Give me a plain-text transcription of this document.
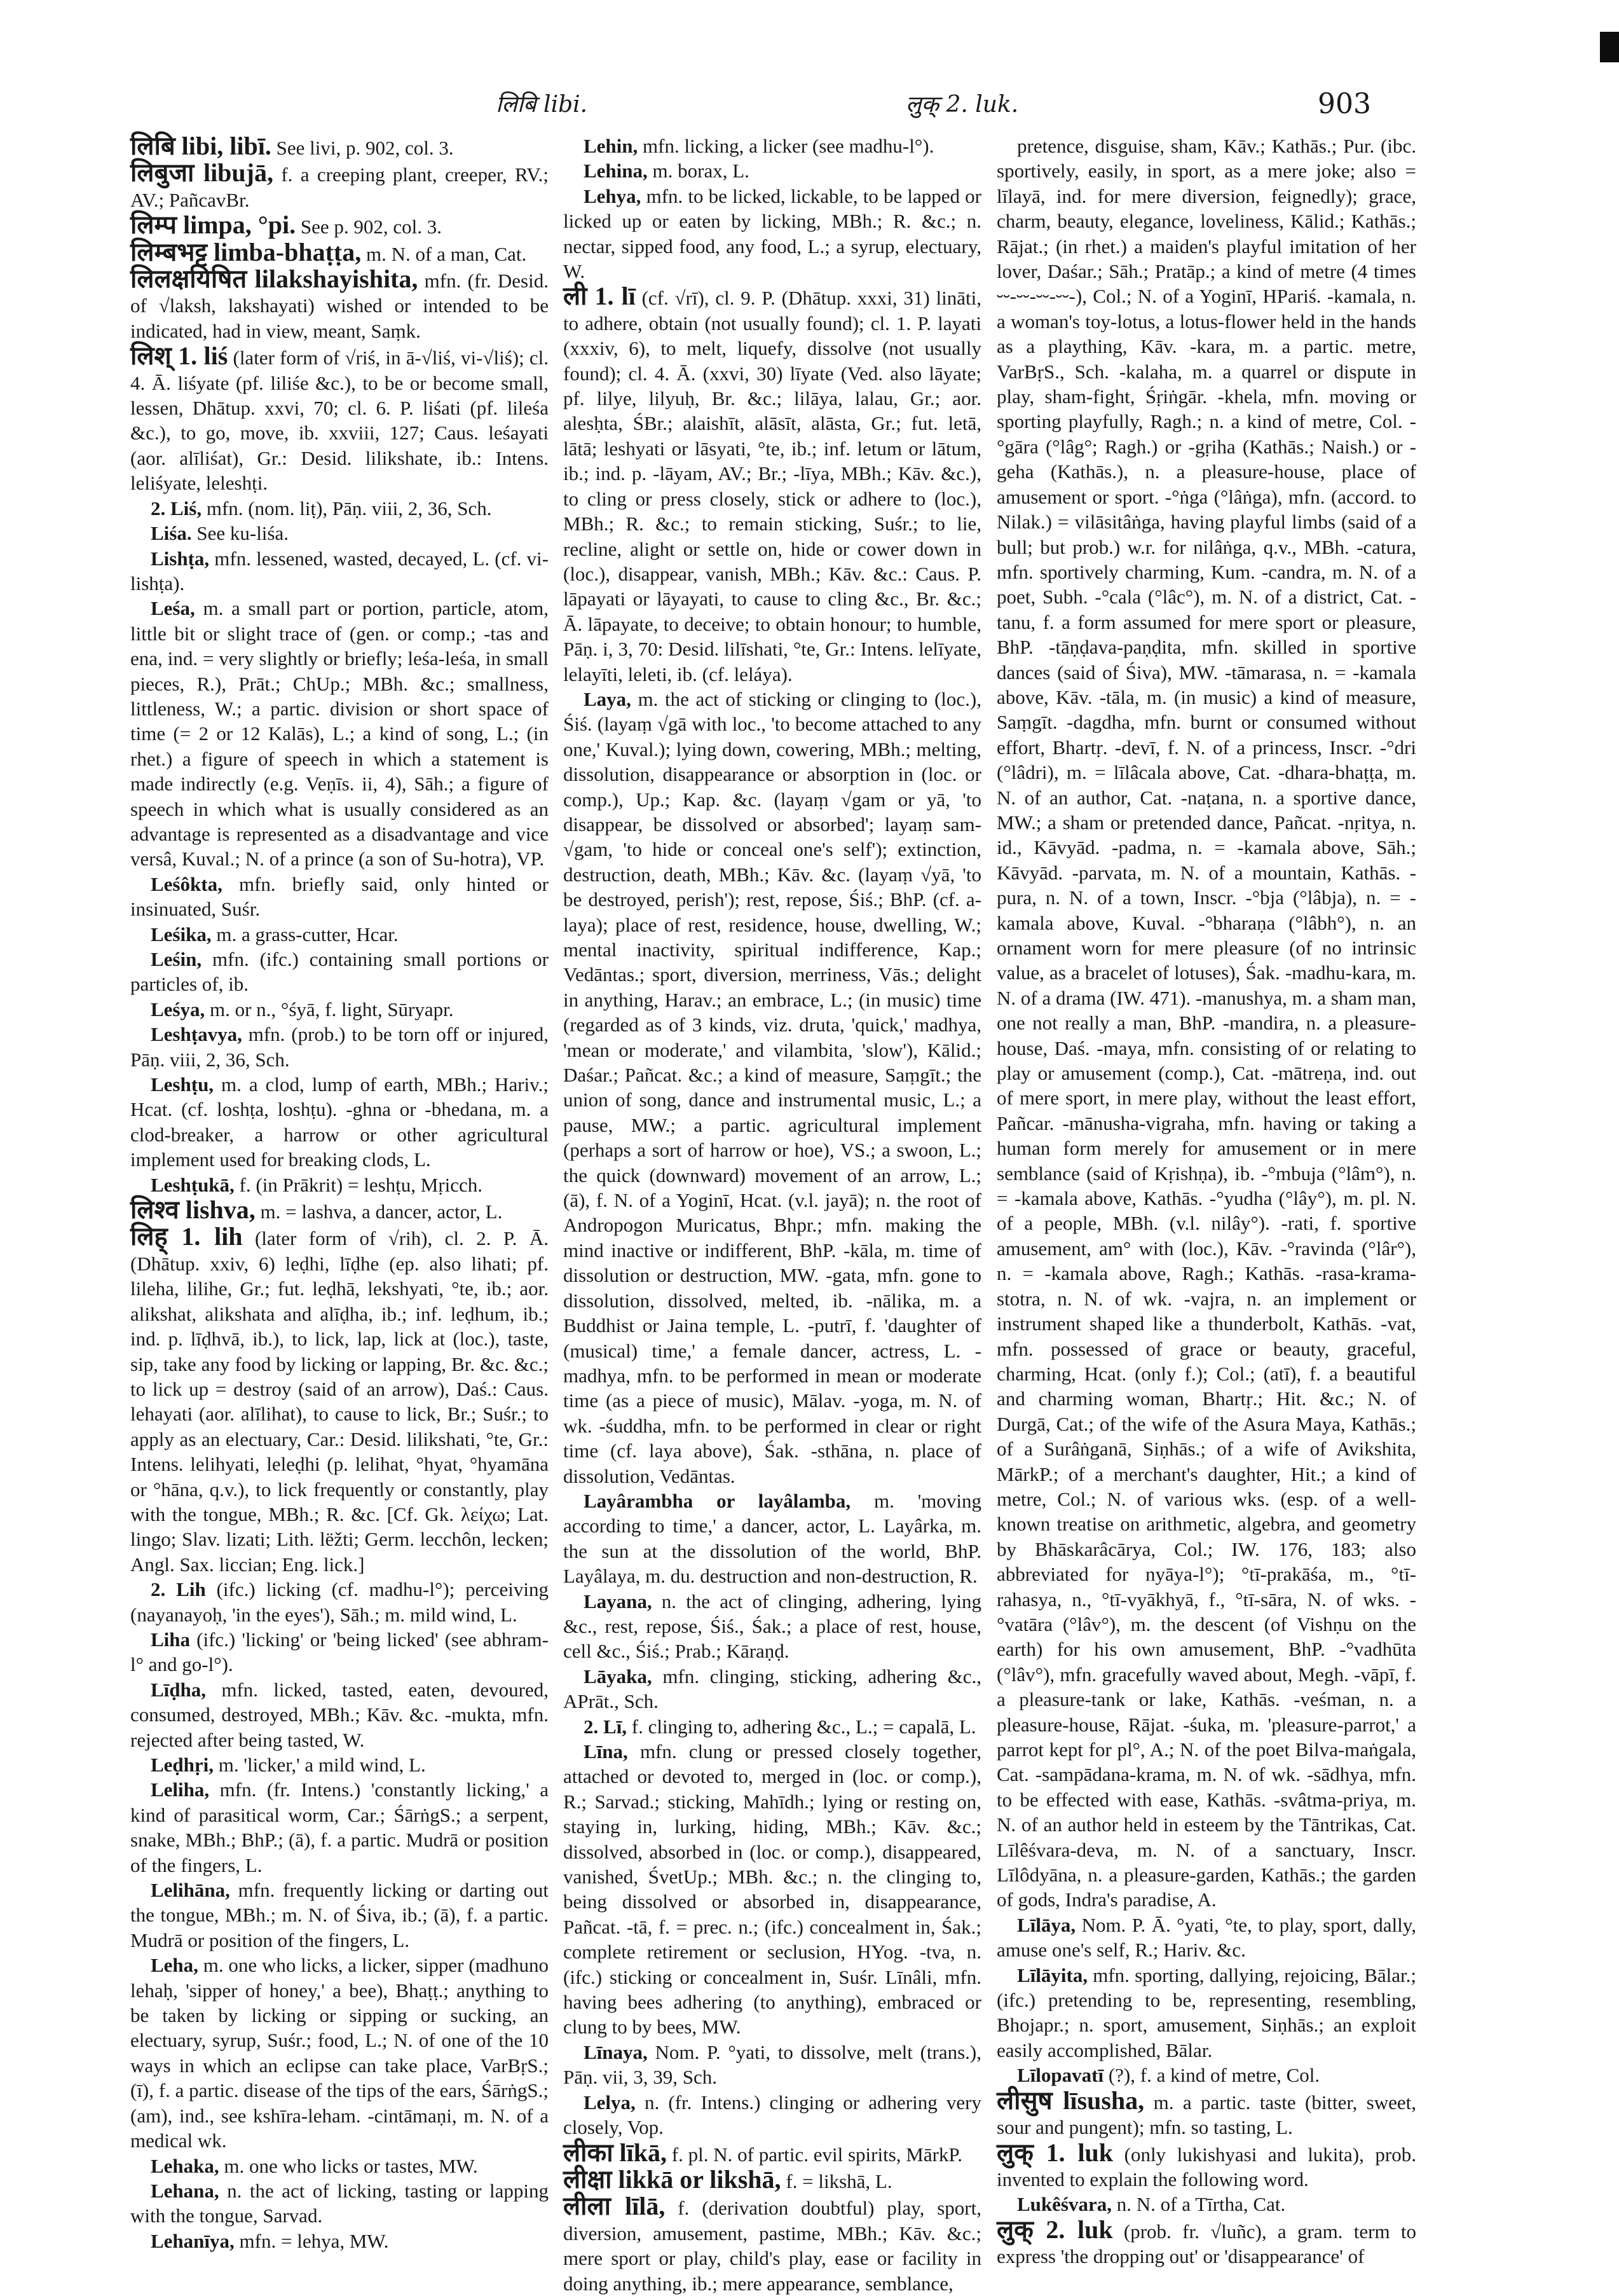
लिबि libi.	लुक् 2. luk.	903

लिबि libi, libī. See livi, p. 902, col. 3.

लिबुजा libujā, f. a creeping plant, creeper, RV.; AV.; PañcavBr.

लिम्प limpa, °pi. See p. 902, col. 3.

लिम्बभट्ट limba-bhaṭṭa, m. N. of a man, Cat.

लिलक्षयिषित lilakshayishita, mfn. (fr. Desid. of √laksh, lakshayati) wished or intended to be indicated, had in view, meant, Saṃk.

लिश् 1. liś (later form of √riś, in ā-√liś, vi-√liś); cl. 4. Ā. liśyate (pf. liliśe &c.), to be or become small, lessen, Dhātup. xxvi, 70; cl. 6. P. liśati (pf. lileśa &c.), to go, move, ib. xxviii, 127; Caus. leśayati (aor. alīliśat), Gr.: Desid. lilikshate, ib.: Intens. leliśyate, leleshṭi.

2. Liś, mfn. (nom. liṭ), Pāṇ. viii, 2, 36, Sch.

Liśa. See ku-liśa.

Lishṭa, mfn. lessened, wasted, decayed, L. (cf. vi-lishṭa).

Leśa, m. a small part or portion, particle, atom, little bit or slight trace of (gen. or comp.; -tas and ena, ind. = very slightly or briefly; leśa-leśa, in small pieces, R.), Prāt.; ChUp.; MBh. &c.; smallness, littleness, W.; a partic. division or short space of time (= 2 or 12 Kalās), L.; a kind of song, L.; (in rhet.) a figure of speech in which a statement is made indirectly (e.g. Veṇīs. ii, 4), Sāh.; a figure of speech in which what is usually considered as an advantage is represented as a disadvantage and vice versâ, Kuval.; N. of a prince (a son of Su-hotra), VP.

Leśôkta, mfn. briefly said, only hinted or insinuated, Suśr.

Leśika, m. a grass-cutter, Hcar.

Leśin, mfn. (ifc.) containing small portions or particles of, ib.

Leśya, m. or n., °śyā, f. light, Sūryapr.

Leshṭavya, mfn. (prob.) to be torn off or injured, Pāṇ. viii, 2, 36, Sch.

Leshṭu, m. a clod, lump of earth, MBh.; Hariv.; Hcat. (cf. loshṭa, loshṭu). -ghna or -bhedana, m. a clod-breaker, a harrow or other agricultural implement used for breaking clods, L.

Leshṭukā, f. (in Prākrit) = leshṭu, Mṛicch.

लिश्व lishva, m. = lashva, a dancer, actor, L.

लिह् 1. lih (later form of √rih), cl. 2. P. Ā. (Dhātup. xxiv, 6) leḍhi, līḍhe (ep. also lihati; pf. lileha, lilihe, Gr.; fut. leḍhā, lekshyati, °te, ib.; aor. alikshat, alikshata and alīḍha, ib.; inf. leḍhum, ib.; ind. p. līḍhvā, ib.), to lick, lap, lick at (loc.), taste, sip, take any food by licking or lapping, Br. &c. &c.; to lick up = destroy (said of an arrow), Daś.: Caus. lehayati (aor. alīlihat), to cause to lick, Br.; Suśr.; to apply as an electuary, Car.: Desid. lilikshati, °te, Gr.: Intens. lelihyati, leleḍhi (p. lelihat, °hyat, °hyamāna or °hāna, q.v.), to lick frequently or constantly, play with the tongue, MBh.; R. &c. [Cf. Gk. λείχω; Lat. lingo; Slav. lizati; Lith. lëžti; Germ. lecchôn, lecken; Angl. Sax. liccian; Eng. lick.]

2. Lih (ifc.) licking (cf. madhu-l°); perceiving (nayanayoḥ, 'in the eyes'), Sāh.; m. mild wind, L.

Liha (ifc.) 'licking' or 'being licked' (see abhram-l° and go-l°).

Līḍha, mfn. licked, tasted, eaten, devoured, consumed, destroyed, MBh.; Kāv. &c. -mukta, mfn. rejected after being tasted, W.

Leḍhṛi, m. 'licker,' a mild wind, L.

Leliha, mfn. (fr. Intens.) 'constantly licking,' a kind of parasitical worm, Car.; ŚārṅgS.; a serpent, snake, MBh.; BhP.; (ā), f. a partic. Mudrā or position of the fingers, L.

Lelihāna, mfn. frequently licking or darting out the tongue, MBh.; m. N. of Śiva, ib.; (ā), f. a partic. Mudrā or position of the fingers, L.

Leha, m. one who licks, a licker, sipper (madhuno lehaḥ, 'sipper of honey,' a bee), Bhaṭṭ.; anything to be taken by licking or sipping or sucking, an electuary, syrup, Suśr.; food, L.; N. of one of the 10 ways in which an eclipse can take place, VarBṛS.; (ī), f. a partic. disease of the tips of the ears, ŚārṅgS.; (am), ind., see kshīra-leham. -cintāmaṇi, m. N. of a medical wk.

Lehaka, m. one who licks or tastes, MW.

Lehana, n. the act of licking, tasting or lapping with the tongue, Sarvad.

Lehanīya, mfn. = lehya, MW.

Lehin, mfn. licking, a licker (see madhu-l°).

Lehina, m. borax, L.

Lehya, mfn. to be licked, lickable, to be lapped or licked up or eaten by licking, MBh.; R. &c.; n. nectar, sipped food, any food, L.; a syrup, electuary, W.

ली 1. lī (cf. √rī), cl. 9. P. (Dhātup. xxxi, 31) lināti, to adhere, obtain (not usually found); cl. 1. P. layati (xxxiv, 6), to melt, liquefy, dissolve (not usually found); cl. 4. Ā. (xxvi, 30) līyate (Ved. also lāyate; pf. lilye, lilyuḥ, Br. &c.; lilāya, lalau, Gr.; aor. alesḥta, ŚBr.; alaishīt, alāsīt, alāsta, Gr.; fut. letā, lātā; leshyati or lāsyati, °te, ib.; inf. letum or lātum, ib.; ind. p. -lāyam, AV.; Br.; -līya, MBh.; Kāv. &c.), to cling or press closely, stick or adhere to (loc.), MBh.; R. &c.; to remain sticking, Suśr.; to lie, recline, alight or settle on, hide or cower down in (loc.), disappear, vanish, MBh.; Kāv. &c.: Caus. P. lāpayati or lāyayati, to cause to cling &c., Br. &c.; Ā. lāpayate, to deceive; to obtain honour; to humble, Pāṇ. i, 3, 70: Desid. lilīshati, °te, Gr.: Intens. lelīyate, lelayīti, leleti, ib. (cf. leláya).

Laya, m. the act of sticking or clinging to (loc.), Śiś. (layaṃ √gā with loc., 'to become attached to any one,' Kuval.); lying down, cowering, MBh.; melting, dissolution, disappearance or absorption in (loc. or comp.), Up.; Kap. &c. (layaṃ √gam or yā, 'to disappear, be dissolved or absorbed'; layaṃ sam-√gam, 'to hide or conceal one's self'); extinction, destruction, death, MBh.; Kāv. &c. (layaṃ √yā, 'to be destroyed, perish'); rest, repose, Śiś.; BhP. (cf. a-laya); place of rest, residence, house, dwelling, W.; mental inactivity, spiritual indifference, Kap.; Vedāntas.; sport, diversion, merriness, Vās.; delight in anything, Harav.; an embrace, L.; (in music) time (regarded as of 3 kinds, viz. druta, 'quick,' madhya, 'mean or moderate,' and vilambita, 'slow'), Kālid.; Daśar.; Pañcat. &c.; a kind of measure, Saṃgīt.; the union of song, dance and instrumental music, L.; a pause, MW.; a partic. agricultural implement (perhaps a sort of harrow or hoe), VS.; a swoon, L.; the quick (downward) movement of an arrow, L.; (ā), f. N. of a Yoginī, Hcat. (v.l. jayā); n. the root of Andropogon Muricatus, Bhpr.; mfn. making the mind inactive or indifferent, BhP. -kāla, m. time of dissolution or destruction, MW. -gata, mfn. gone to dissolution, dissolved, melted, ib. -nālika, m. a Buddhist or Jaina temple, L. -putrī, f. 'daughter of (musical) time,' a female dancer, actress, L. -madhya, mfn. to be performed in mean or moderate time (as a piece of music), Mālav. -yoga, m. N. of wk. -śuddha, mfn. to be performed in clear or right time (cf. laya above), Śak. -sthāna, n. place of dissolution, Vedāntas.

Layârambha or layâlamba, m. 'moving according to time,' a dancer, actor, L. Layârka, m. the sun at the dissolution of the world, BhP. Layâlaya, m. du. destruction and non-destruction, R.

Layana, n. the act of clinging, adhering, lying &c., rest, repose, Śiś., Śak.; a place of rest, house, cell &c., Śiś.; Prab.; Kāraṇḍ.

Lāyaka, mfn. clinging, sticking, adhering &c., APrāt., Sch.

2. Lī, f. clinging to, adhering &c., L.; = capalā, L.

Līna, mfn. clung or pressed closely together, attached or devoted to, merged in (loc. or comp.), R.; Sarvad.; sticking, Mahīdh.; lying or resting on, staying in, lurking, hiding, MBh.; Kāv. &c.; dissolved, absorbed in (loc. or comp.), disappeared, vanished, ŚvetUp.; MBh. &c.; n. the clinging to, being dissolved or absorbed in, disappearance, Pañcat. -tā, f. = prec. n.; (ifc.) concealment in, Śak.; complete retirement or seclusion, HYog. -tva, n. (ifc.) sticking or concealment in, Suśr. Līnâli, mfn. having bees adhering (to anything), embraced or clung to by bees, MW.

Līnaya, Nom. P. °yati, to dissolve, melt (trans.), Pāṇ. vii, 3, 39, Sch.

Lelya, n. (fr. Intens.) clinging or adhering very closely, Vop.

लीका līkā, f. pl. N. of partic. evil spirits, MārkP.

लीक्षा likkā or likshā, f. = likshā, L.

लीला līlā, f. (derivation doubtful) play, sport, diversion, amusement, pastime, MBh.; Kāv. &c.; mere sport or play, child's play, ease or facility in doing anything, ib.; mere appearance, semblance,

pretence, disguise, sham, Kāv.; Kathās.; Pur. (ibc. sportively, easily, in sport, as a mere joke; also = līlayā, ind. for mere diversion, feignedly); grace, charm, beauty, elegance, loveliness, Kālid.; Kathās.; Rājat.; (in rhet.) a maiden's playful imitation of her lover, Daśar.; Sāh.; Pratāp.; a kind of metre (4 times ⏑⏑-⏑⏑-⏑⏑-⏑⏑-), Col.; N. of a Yoginī, HPariś. -kamala, n. a woman's toy-lotus, a lotus-flower held in the hands as a plaything, Kāv. -kara, m. a partic. metre, VarBṛS., Sch. -kalaha, m. a quarrel or dispute in play, sham-fight, Śṛiṅgār. -khela, mfn. moving or sporting playfully, Ragh.; n. a kind of metre, Col. -°gāra (°lâg°; Ragh.) or -gṛiha (Kathās.; Naish.) or -geha (Kathās.), n. a pleasure-house, place of amusement or sport. -°ṅga (°lâṅga), mfn. (accord. to Nilak.) = vilāsitâṅga, having playful limbs (said of a bull; but prob.) w.r. for nilâṅga, q.v., MBh. -catura, mfn. sportively charming, Kum. -candra, m. N. of a poet, Subh. -°cala (°lâc°), m. N. of a district, Cat. -tanu, f. a form assumed for mere sport or pleasure, BhP. -tāṇḍava-paṇḍita, mfn. skilled in sportive dances (said of Śiva), MW. -tāmarasa, n. = -kamala above, Kāv. -tāla, m. (in music) a kind of measure, Saṃgīt. -dagdha, mfn. burnt or consumed without effort, Bhartṛ. -devī, f. N. of a princess, Inscr. -°dri (°lâdri), m. = līlâcala above, Cat. -dhara-bhaṭṭa, m. N. of an author, Cat. -naṭana, n. a sportive dance, MW.; a sham or pretended dance, Pañcat. -nṛitya, n. id., Kāvyād. -padma, n. = -kamala above, Sāh.; Kāvyād. -parvata, m. N. of a mountain, Kathās. -pura, n. N. of a town, Inscr. -°bja (°lâbja), n. = -kamala above, Kuval. -°bharaṇa (°lâbh°), n. an ornament worn for mere pleasure (of no intrinsic value, as a bracelet of lotuses), Śak. -madhu-kara, m. N. of a drama (IW. 471). -manushya, m. a sham man, one not really a man, BhP. -mandira, n. a pleasure-house, Daś. -maya, mfn. consisting of or relating to play or amusement (comp.), Cat. -mātreṇa, ind. out of mere sport, in mere play, without the least effort, Pañcar. -mānusha-vigraha, mfn. having or taking a human form merely for amusement or in mere semblance (said of Kṛishṇa), ib. -°mbuja (°lâm°), n. = -kamala above, Kathās. -°yudha (°lây°), m. pl. N. of a people, MBh. (v.l. nilây°). -rati, f. sportive amusement, am° with (loc.), Kāv. -°ravinda (°lâr°), n. = -kamala above, Ragh.; Kathās. -rasa-krama-stotra, n. N. of wk. -vajra, n. an implement or instrument shaped like a thunderbolt, Kathās. -vat, mfn. possessed of grace or beauty, graceful, charming, Hcat. (only f.); Col.; (atī), f. a beautiful and charming woman, Bhartṛ.; Hit. &c.; N. of Durgā, Cat.; of the wife of the Asura Maya, Kathās.; of a Surâṅganā, Siṇhās.; of a wife of Avikshita, MārkP.; of a merchant's daughter, Hit.; a kind of metre, Col.; N. of various wks. (esp. of a well-known treatise on arithmetic, algebra, and geometry by Bhāskarâcārya, Col.; IW. 176, 183; also abbreviated for nyāya-l°); °tī-prakāśa, m., °tī-rahasya, n., °tī-vyākhyā, f., °tī-sāra, N. of wks. -°vatāra (°lâv°), m. the descent (of Vishṇu on the earth) for his own amusement, BhP. -°vadhūta (°lâv°), mfn. gracefully waved about, Megh. -vāpī, f. a pleasure-tank or lake, Kathās. -veśman, n. a pleasure-house, Rājat. -śuka, m. 'pleasure-parrot,' a parrot kept for pl°, A.; N. of the poet Bilva-maṅgala, Cat. -sampādana-krama, m. N. of wk. -sādhya, mfn. to be effected with ease, Kathās. -svâtma-priya, m. N. of an author held in esteem by the Tāntrikas, Cat. Līlêśvara-deva, m. N. of a sanctuary, Inscr. Līlôdyāna, n. a pleasure-garden, Kathās.; the garden of gods, Indra's paradise, A.

Līlāya, Nom. P. Ā. °yati, °te, to play, sport, dally, amuse one's self, R.; Hariv. &c.

Līlāyita, mfn. sporting, dallying, rejoicing, Bālar.; (ifc.) pretending to be, representing, resembling, Bhojapr.; n. sport, amusement, Siṇhās.; an exploit easily accomplished, Bālar.

Līlopavatī (?), f. a kind of metre, Col.

लीसुष līsusha, m. a partic. taste (bitter, sweet, sour and pungent); mfn. so tasting, L.

लुक् 1. luk (only lukishyasi and lukita), prob. invented to explain the following word.

Lukêśvara, n. N. of a Tīrtha, Cat.

लुक् 2. luk (prob. fr. √luñc), a gram. term to express 'the dropping out' or 'disappearance' of
